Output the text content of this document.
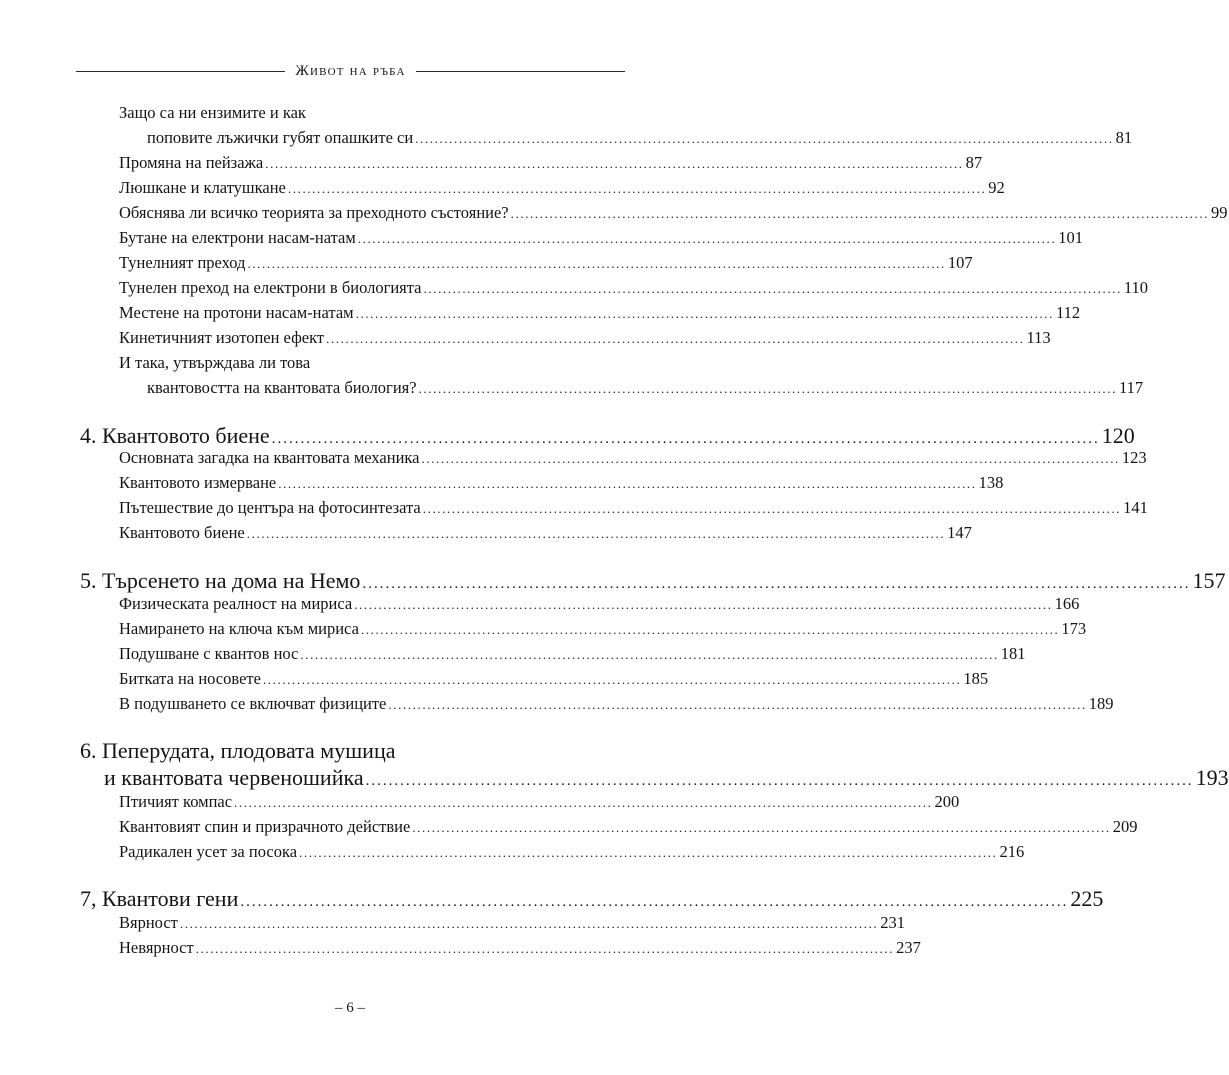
Живот на ръба
Защо са ни ензимите и как
поповите лъжички губят опашките си ................................................................................................................................................ 81
Промяна на пейзажа ................................................................................................................................................ 87
Люшкане и клатушкане ................................................................................................................................................ 92
Обяснява ли всичко теорията за преходното състояние? ................................................................................................................................................ 99
Бутане на електрони насам-натам ................................................................................................................................................ 101
Тунелният преход ................................................................................................................................................ 107
Тунелен преход на електрони в биологията ................................................................................................................................................ 110
Местене на протони насам-натам ................................................................................................................................................ 112
Кинетичният изотопен ефект ................................................................................................................................................ 113
И така, утвърждава ли това
квантовостта на квантовата биология? ................................................................................................................................................ 117
4. Квантовото биене ................................................................................................................................................ 120
Основната загадка на квантовата механика ................................................................................................................................................ 123
Квантовото измерване ................................................................................................................................................ 138
Пътешествие до центъра на фотосинтезата ................................................................................................................................................ 141
Квантовото биене ................................................................................................................................................ 147
5. Търсенето на дома на Немо ................................................................................................................................................ 157
Физическата реалност на мириса ................................................................................................................................................ 166
Намирането на ключа към мириса ................................................................................................................................................ 173
Подушване с квантов нос ................................................................................................................................................ 181
Битката на носовете ................................................................................................................................................ 185
В подушването се включват физиците ................................................................................................................................................ 189
6. Пеперудата, плодовата мушица
и квантовата червеношийка ................................................................................................................................................ 193
Птичият компас ................................................................................................................................................ 200
Квантовият спин и призрачното действие ................................................................................................................................................ 209
Радикален усет за посока ................................................................................................................................................ 216
7, Квантови гени ................................................................................................................................................ 225
Вярност ................................................................................................................................................ 231
Невярност ................................................................................................................................................ 237
– 6 –
